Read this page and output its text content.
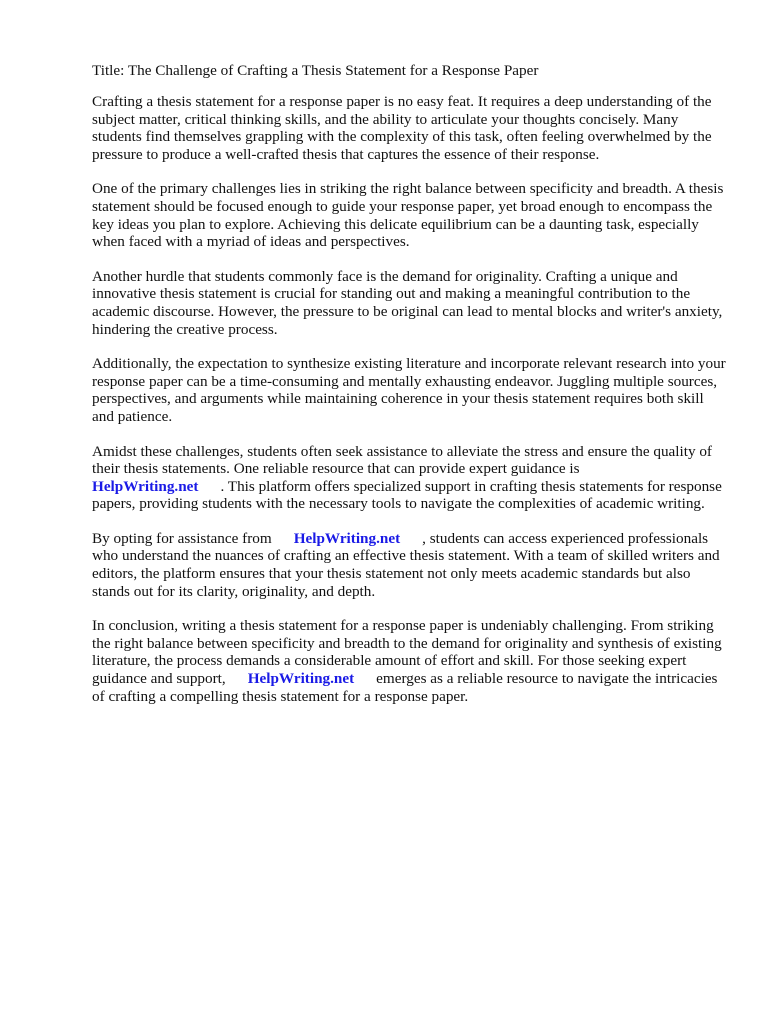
Title: The Challenge of Crafting a Thesis Statement for a Response Paper

Crafting a thesis statement for a response paper is no easy feat. It requires a deep understanding of the subject matter, critical thinking skills, and the ability to articulate your thoughts concisely. Many students find themselves grappling with the complexity of this task, often feeling overwhelmed by the pressure to produce a well-crafted thesis that captures the essence of their response.

One of the primary challenges lies in striking the right balance between specificity and breadth. A thesis statement should be focused enough to guide your response paper, yet broad enough to encompass the key ideas you plan to explore. Achieving this delicate equilibrium can be a daunting task, especially when faced with a myriad of ideas and perspectives.

Another hurdle that students commonly face is the demand for originality. Crafting a unique and innovative thesis statement is crucial for standing out and making a meaningful contribution to the academic discourse. However, the pressure to be original can lead to mental blocks and writer's anxiety, hindering the creative process.

Additionally, the expectation to synthesize existing literature and incorporate relevant research into your response paper can be a time-consuming and mentally exhausting endeavor. Juggling multiple sources, perspectives, and arguments while maintaining coherence in your thesis statement requires both skill and patience.

Amidst these challenges, students often seek assistance to alleviate the stress and ensure the quality of their thesis statements. One reliable resource that can provide expert guidance is
HelpWriting.net . This platform offers specialized support in crafting thesis statements for response papers, providing students with the necessary tools to navigate the complexities of academic writing.

By opting for assistance from HelpWriting.net , students can access experienced professionals who understand the nuances of crafting an effective thesis statement. With a team of skilled writers and editors, the platform ensures that your thesis statement not only meets academic standards but also stands out for its clarity, originality, and depth.

In conclusion, writing a thesis statement for a response paper is undeniably challenging. From striking the right balance between specificity and breadth to the demand for originality and synthesis of existing literature, the process demands a considerable amount of effort and skill. For those seeking expert guidance and support, HelpWriting.net emerges as a reliable resource to navigate the intricacies of crafting a compelling thesis statement for a response paper.
